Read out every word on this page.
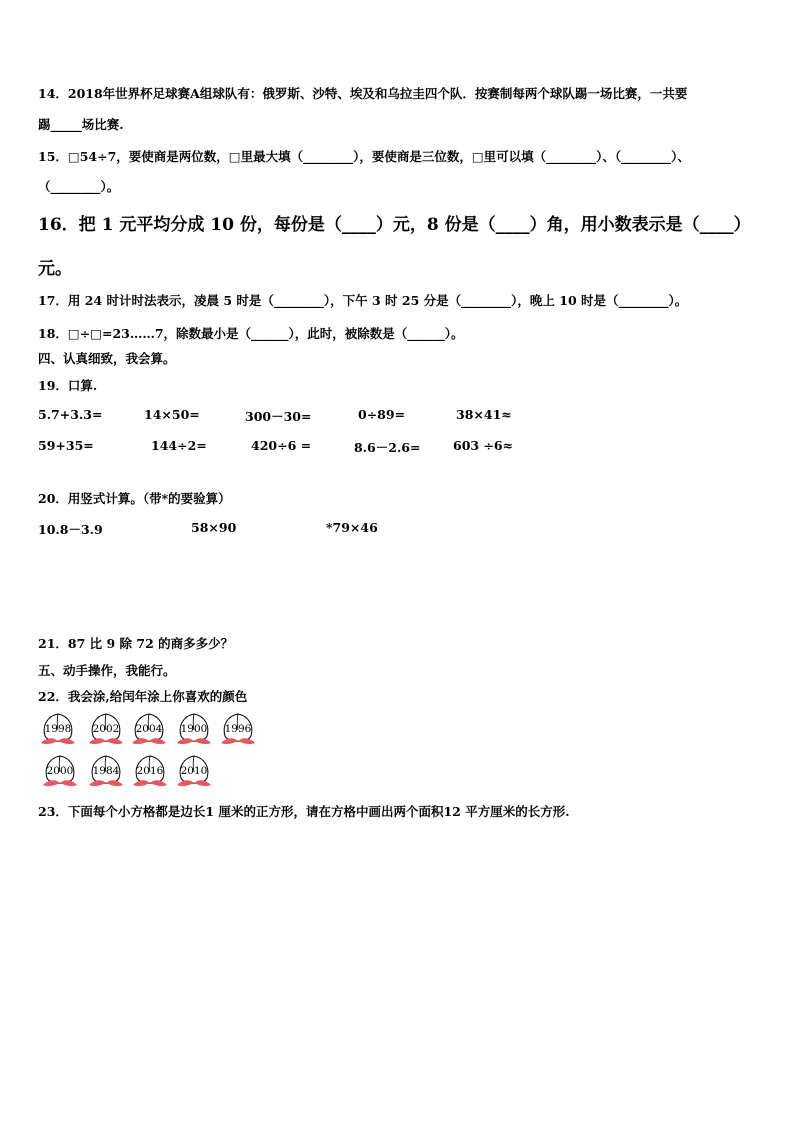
14．2018年世界杯足球赛A组球队有：俄罗斯、沙特、埃及和乌拉圭四个队．按赛制每两个球队踢一场比赛，一共要
踢_____场比赛.
15．□54÷7，要使商是两位数，□里最大填（________），要使商是三位数，□里可以填（________）、（________）、
（________）。
16．把 1 元平均分成 10 份，每份是（____）元，8 份是（____）角，用小数表示是（____）
元。
17．用 24 时计时法表示，凌晨 5 时是（________），下午 3 时 25 分是（________），晚上 10 时是（________）。
18．□÷□=23……7，除数最小是（______），此时，被除数是（______）。
四、认真细致，我会算。
19．口算.
5.7+3.3=	14×50=	300－30=	0÷89=	38×41≈
59+35=	144÷2=	420÷6 =	8.6－2.6=	603 ÷6≈
20．用竖式计算。（带*的要验算）
10.8－3.9	58×90	*79×46
21．87 比 9 除 72 的商多多少？
五、动手操作，我能行。
22．我会涂,给闰年涂上你喜欢的颜色
1998	2002	2004	1900	1996
2000	1984	2016	2010
23．下面每个小方格都是边长1 厘米的正方形，请在方格中画出两个面积12 平方厘米的长方形.
